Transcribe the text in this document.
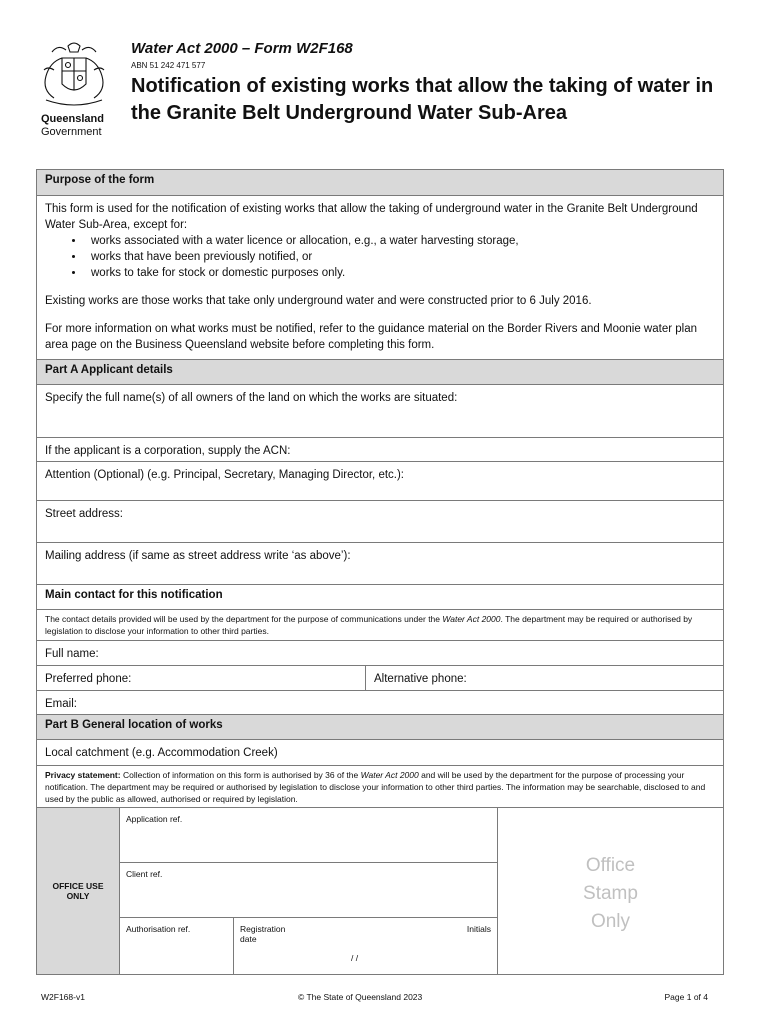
Queensland
Government
Water Act 2000 – Form W2F168
ABN 51 242 471 577
Notification of existing works that allow the taking of water in the Granite Belt Underground Water Sub-Area
Purpose of the form

This form is used for the notification of existing works that allow the taking of underground water in the Granite Belt Underground Water Sub-Area, except for:

• works associated with a water licence or allocation, e.g., a water harvesting storage,
• works that have been previously notified, or
• works to take for stock or domestic purposes only.

Existing works are those works that take only underground water and were constructed prior to 6 July 2016.

For more information on what works must be notified, refer to the guidance material on the Border Rivers and Moonie water plan area page on the Business Queensland website before completing this form.

Part A Applicant details
Specify the full name(s) of all owners of the land on which the works are situated:
If the applicant is a corporation, supply the ACN:
Attention (Optional) (e.g. Principal, Secretary, Managing Director, etc.):
Street address:
Mailing address (if same as street address write ‘as above’):
Main contact for this notification
The contact details provided will be used by the department for the purpose of communications under the Water Act 2000. The department may be required or authorised by legislation to disclose your information to other third parties.
Full name:
Preferred phone:	Alternative phone:
Email:
Part B General location of works
Local catchment (e.g. Accommodation Creek)
Privacy statement: Collection of information on this form is authorised by 36 of the Water Act 2000 and will be used by the department for the purpose of processing your notification. The department may be required or authorised by legislation to disclose your information to other third parties. The information may be searchable, disclosed to and used by the public as allowed, authorised or required by legislation.
OFFICE USE
ONLY
Application ref.
Client ref.
Authorisation ref.	Registration date
Initials
/ /
Office
Stamp
Only
W2F168-v1	© The State of Queensland 2023	Page 1 of 4
